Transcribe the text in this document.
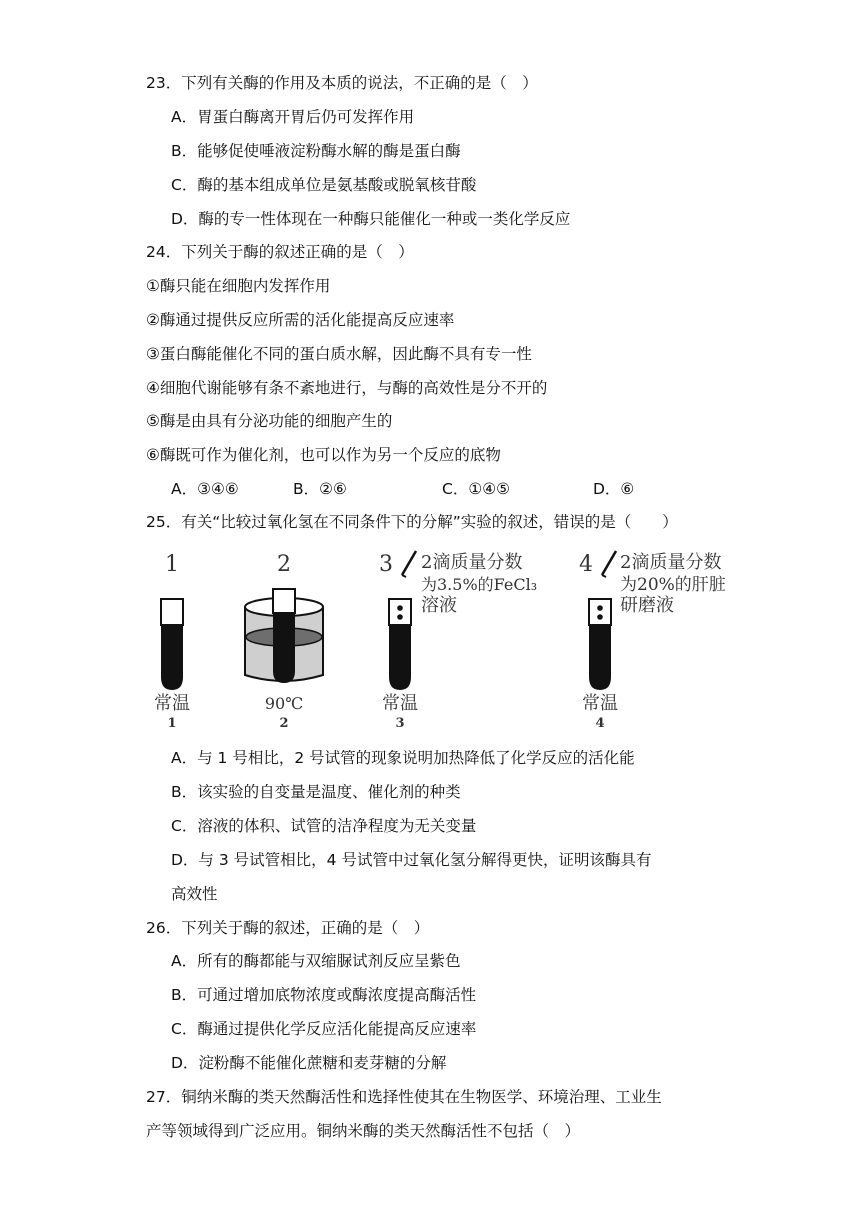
23．下列有关酶的作用及本质的说法，不正确的是（　）
A．胃蛋白酶离开胃后仍可发挥作用
B．能够促使唾液淀粉酶水解的酶是蛋白酶
C．酶的基本组成单位是氨基酸或脱氧核苷酸
D．酶的专一性体现在一种酶只能催化一种或一类化学反应
24．下列关于酶的叙述正确的是（　）
①酶只能在细胞内发挥作用
②酶通过提供反应所需的活化能提高反应速率
③蛋白酶能催化不同的蛋白质水解，因此酶不具有专一性
④细胞代谢能够有条不紊地进行，与酶的高效性是分不开的
⑤酶是由具有分泌功能的细胞产生的
⑥酶既可作为催化剂，也可以作为另一个反应的底物
A．③④⑥	B．②⑥	C．①④⑤	D．⑥
25．有关“比较过氧化氢在不同条件下的分解”实验的叙述，错误的是（　　）
1
常温
1
2
90℃
2
3 2滴质量分数
为3.5%的FeCl₃
溶液
常温
3
4 2滴质量分数
为20%的肝脏
研磨液
常温
4
A．与 1 号相比，2 号试管的现象说明加热降低了化学反应的活化能
B．该实验的自变量是温度、催化剂的种类
C．溶液的体积、试管的洁净程度为无关变量
D．与 3 号试管相比，4 号试管中过氧化氢分解得更快，证明该酶具有
高效性
26．下列关于酶的叙述，正确的是（　）
A．所有的酶都能与双缩脲试剂反应呈紫色
B．可通过增加底物浓度或酶浓度提高酶活性
C．酶通过提供化学反应活化能提高反应速率
D．淀粉酶不能催化蔗糖和麦芽糖的分解
27．铜纳米酶的类天然酶活性和选择性使其在生物医学、环境治理、工业生
产等领域得到广泛应用。铜纳米酶的类天然酶活性不包括（　）
